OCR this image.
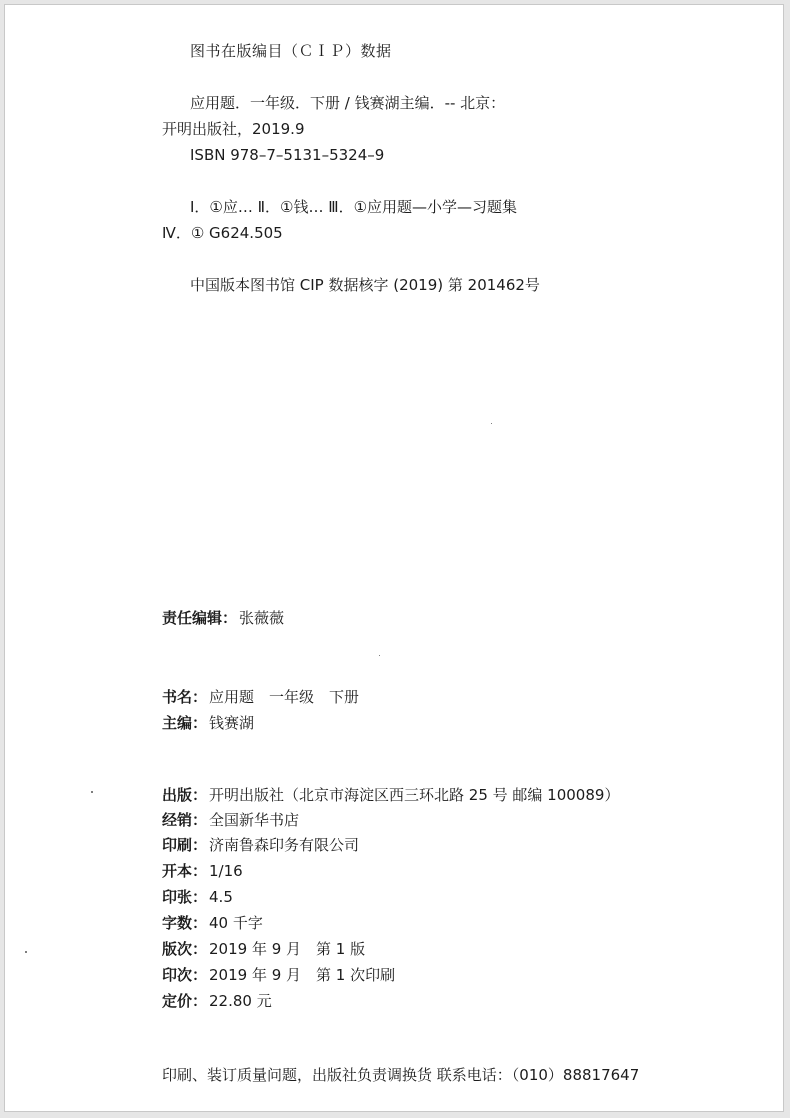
图书在版编目（ＣＩＰ）数据
应用题．一年级．下册 / 钱赛湖主编．-- 北京：
开明出版社，2019.9
ISBN 978–7–5131–5324–9
Ⅰ．①应… Ⅱ．①钱… Ⅲ．①应用题—小学—习题集
Ⅳ．① G624.505
中国版本图书馆 CIP 数据核字 (2019) 第 201462号
责任编辑： 张薇薇
书名： 应用题　一年级　下册
主编： 钱赛湖
出版： 开明出版社（北京市海淀区西三环北路 25 号 邮编 100089）
经销： 全国新华书店
印刷： 济南鲁森印务有限公司
开本： 1/16
印张： 4.5
字数： 40 千字
版次： 2019 年 9 月　第 1 版
印次： 2019 年 9 月　第 1 次印刷
定价： 22.80 元
印刷、装订质量问题，出版社负责调换货 联系电话：（010）88817647
